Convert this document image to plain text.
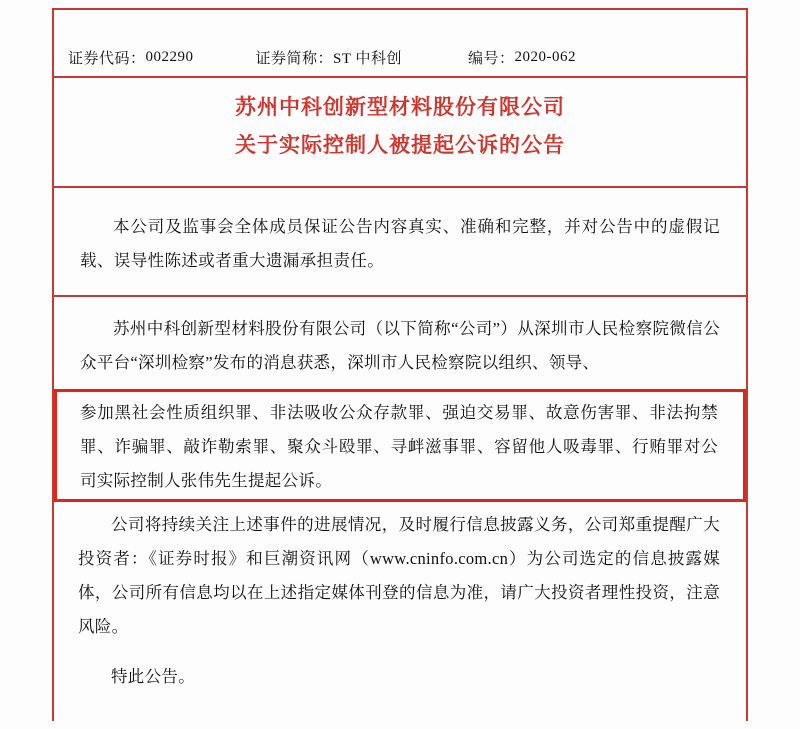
证券代码： 002290	证券简称： ST 中科创	编号： 2020-062
苏州中科创新型材料股份有限公司
关于实际控制人被提起公诉的公告
本公司及监事会全体成员保证公告内容真实、准确和完整，并对公告中的虚假记载、误导性陈述或者重大遗漏承担责任。

苏州中科创新型材料股份有限公司（以下简称“公司”）从深圳市人民检察院微信公众平台“深圳检察”发布的消息获悉，深圳市人民检察院以组织、领导、

参加黑社会性质组织罪、非法吸收公众存款罪、强迫交易罪、故意伤害罪、非法拘禁罪、诈骗罪、敲诈勒索罪、聚众斗殴罪、寻衅滋事罪、容留他人吸毒罪、行贿罪对公司实际控制人张伟先生提起公诉。

公司将持续关注上述事件的进展情况，及时履行信息披露义务，公司郑重提醒广大投资者：《证券时报》和巨潮资讯网（www.cninfo.com.cn）为公司选定的信息披露媒体，公司所有信息均以在上述指定媒体刊登的信息为准，请广大投资者理性投资，注意风险。

特此公告。
